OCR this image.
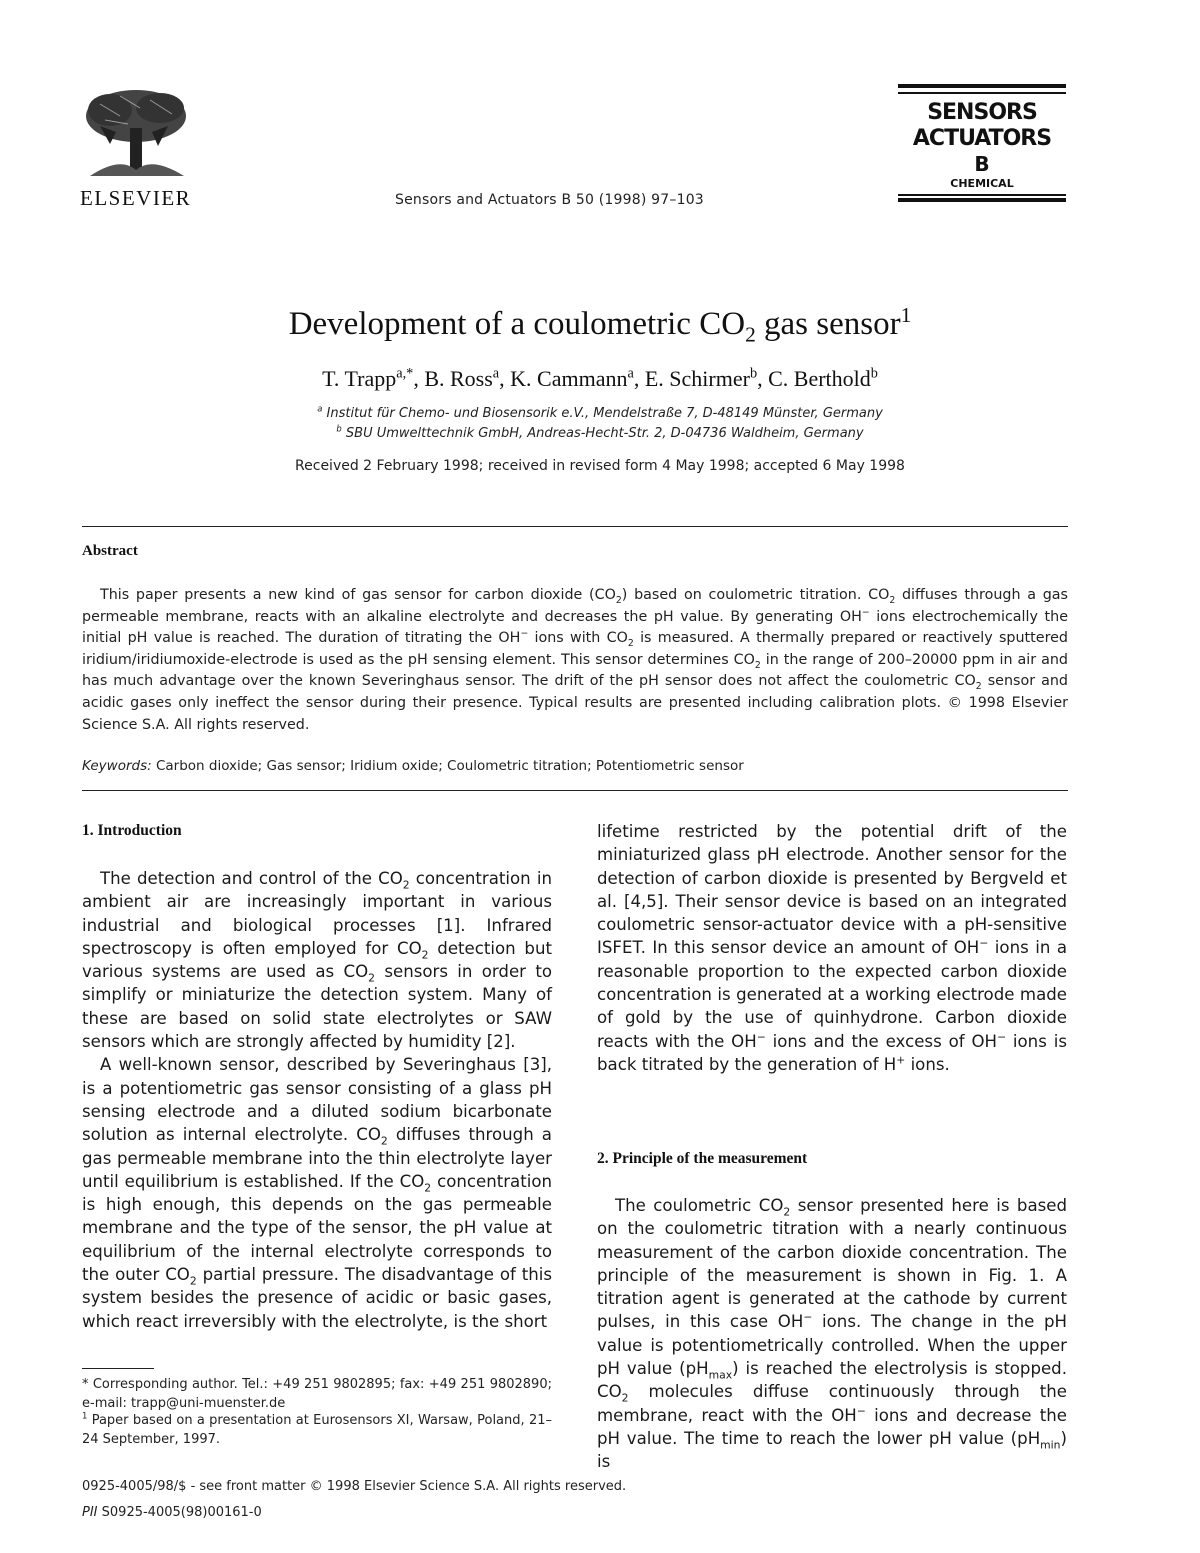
ELSEVIER	Sensors and Actuators B 50 (1998) 97–103
SENSORS
ACTUATORS
B
CHEMICAL
Development of a coulometric $CO_2$ gas sensor$^1$
T. Trapp$^{a,*}$, B. Ross$^a$, K. Cammann$^a$, E. Schirmer$^b$, C. Berthold$^b$
$^a$ Institut für Chemo- und Biosensorik e.V., Mendelstraße 7, D-48149 Münster, Germany
$^b$ SBU Umwelttechnik GmbH, Andreas-Hecht-Str. 2, D-04736 Waldheim, Germany
Received 2 February 1998; received in revised form 4 May 1998; accepted 6 May 1998
Abstract
This paper presents a new kind of gas sensor for carbon dioxide $(CO_2)$ based on coulometric titration. $CO_2$ diffuses through a gas permeable membrane, reacts with an alkaline electrolyte and decreases the pH value. By generating OH− ions electrochemically the initial pH value is reached. The duration of titrating the OH− ions with $CO_2$ is measured. A thermally prepared or reactively sputtered iridium/iridiumoxide-electrode is used as the pH sensing element. This sensor determines $CO_2$ in the range of 200–20000 ppm in air and has much advantage over the known Severinghaus sensor. The drift of the pH sensor does not affect the coulometric $CO_2$ sensor and acidic gases only ineffect the sensor during their presence. Typical results are presented including calibration plots. © 1998 Elsevier Science S.A. All rights reserved.
Keywords: Carbon dioxide; Gas sensor; Iridium oxide; Coulometric titration; Potentiometric sensor
1. Introduction

The detection and control of the $CO_2$ concentration in ambient air are increasingly important in various industrial and biological processes [1]. Infrared spectroscopy is often employed for $CO_2$ detection but various systems are used as $CO_2$ sensors in order to simplify or miniaturize the detection system. Many of these are based on solid state electrolytes or SAW sensors which are strongly affected by humidity [2].

A well-known sensor, described by Severinghaus [3], is a potentiometric gas sensor consisting of a glass pH sensing electrode and a diluted sodium bicarbonate solution as internal electrolyte. $CO_2$ diffuses through a gas permeable membrane into the thin electrolyte layer until equilibrium is established. If the $CO_2$ concentration is high enough, this depends on the gas permeable membrane and the type of the sensor, the pH value at equilibrium of the internal electrolyte corresponds to the outer $CO_2$ partial pressure. The disadvantage of this system besides the presence of acidic or basic gases, which react irreversibly with the electrolyte, is the short

* Corresponding author. Tel.: +49 251 9802895; fax: +49 251 9802890; e-mail: trapp@uni-muenster.de
$^1$ Paper based on a presentation at Eurosensors XI, Warsaw, Poland, 21–24 September, 1997.

lifetime restricted by the potential drift of the miniaturized glass pH electrode. Another sensor for the detection of carbon dioxide is presented by Bergveld et al. [4,5]. Their sensor device is based on an integrated coulometric sensor-actuator device with a pH-sensitive ISFET. In this sensor device an amount of OH− ions in a reasonable proportion to the expected carbon dioxide concentration is generated at a working electrode made of gold by the use of quinhydrone. Carbon dioxide reacts with the OH− ions and the excess of OH− ions is back titrated by the generation of H+ ions.

2. Principle of the measurement

The coulometric $CO_2$ sensor presented here is based on the coulometric titration with a nearly continuous measurement of the carbon dioxide concentration. The principle of the measurement is shown in Fig. 1. A titration agent is generated at the cathode by current pulses, in this case OH− ions. The change in the pH value is potentiometrically controlled. When the upper pH value $(pH_{max})$ is reached the electrolysis is stopped. $CO_2$ molecules diffuse continuously through the membrane, react with the OH− ions and decrease the pH value. The time to reach the lower pH value $(pH_{min})$ is

0925-4005/98/$ - see front matter © 1998 Elsevier Science S.A. All rights reserved.
PII S0925-4005(98)00161-0
